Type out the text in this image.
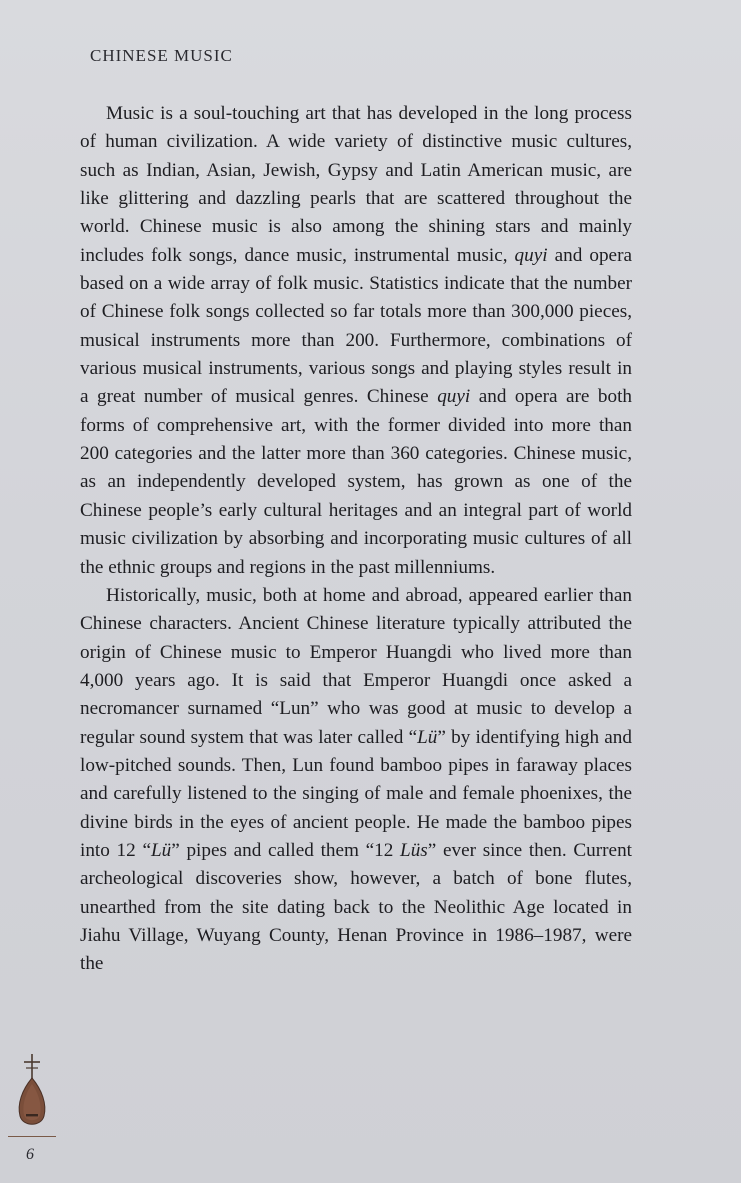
CHINESE MUSIC

Music is a soul-touching art that has developed in the long process of human civilization. A wide variety of distinctive music cultures, such as Indian, Asian, Jewish, Gypsy and Latin American music, are like glittering and dazzling pearls that are scattered throughout the world. Chinese music is also among the shining stars and mainly includes folk songs, dance music, instrumental music, quyi and opera based on a wide array of folk music. Statistics indicate that the number of Chinese folk songs collected so far totals more than 300,000 pieces, musical instruments more than 200. Furthermore, combinations of various musical instruments, various songs and playing styles result in a great number of musical genres. Chinese quyi and opera are both forms of comprehensive art, with the former divided into more than 200 categories and the latter more than 360 categories. Chinese music, as an independently developed system, has grown as one of the Chinese people’s early cultural heritages and an integral part of world music civilization by absorbing and incorporating music cultures of all the ethnic groups and regions in the past millenniums.

Historically, music, both at home and abroad, appeared earlier than Chinese characters. Ancient Chinese literature typically attributed the origin of Chinese music to Emperor Huangdi who lived more than 4,000 years ago. It is said that Emperor Huangdi once asked a necromancer surnamed “Lun” who was good at music to develop a regular sound system that was later called “Lü” by identifying high and low-pitched sounds. Then, Lun found bamboo pipes in faraway places and carefully listened to the singing of male and female phoenixes, the divine birds in the eyes of ancient people. He made the bamboo pipes into 12 “Lü” pipes and called them “12 Lüs” ever since then. Current archeological discoveries show, however, a batch of bone flutes, unearthed from the site dating back to the Neolithic Age located in Jiahu Village, Wuyang County, Henan Province in 1986–1987, were the

6
